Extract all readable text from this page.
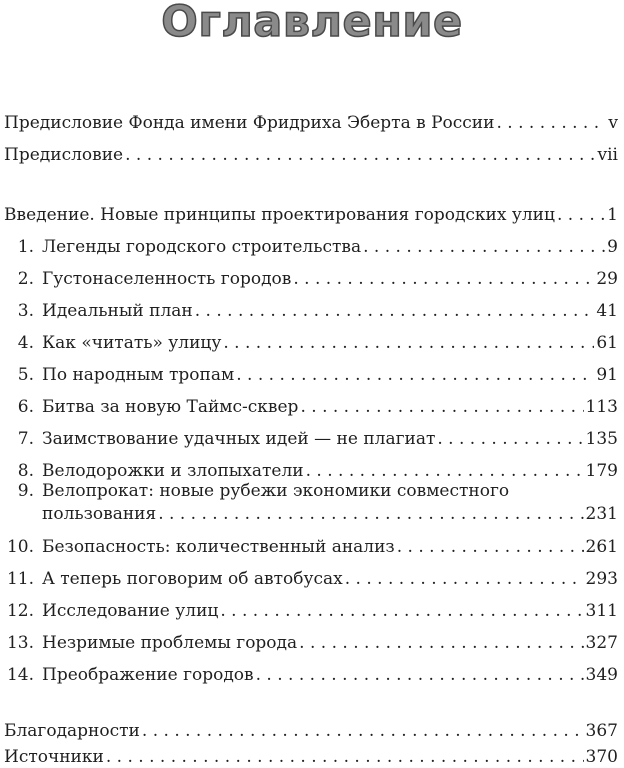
Оглавление
Предисловие Фонда имени Фридриха Эберта в России . . .	v
Предисловие . . .	vii
Введение. Новые принципы проектирования городских улиц . . .	1
1. Легенды городского строительства . . .	9
2. Густонаселенность городов . . .	29
3. Идеальный план . . .	41
4. Как «читать» улицу . . .	61
5. По народным тропам . . .	91
6. Битва за новую Таймс-сквер . . .	113
7. Заимствование удачных идей — не плагиат . . .	135
8. Велодорожки и злопыхатели . . .	179
9. Велопрокат: новые рубежи экономики совместного
пользования . . .	231
10. Безопасность: количественный анализ . . .	261
11. А теперь поговорим об автобусах . . .	293
12. Исследование улиц . . .	311
13. Незримые проблемы города . . .	327
14. Преображение городов . . .	349
Благодарности . . .	367
Источники . . .	370
